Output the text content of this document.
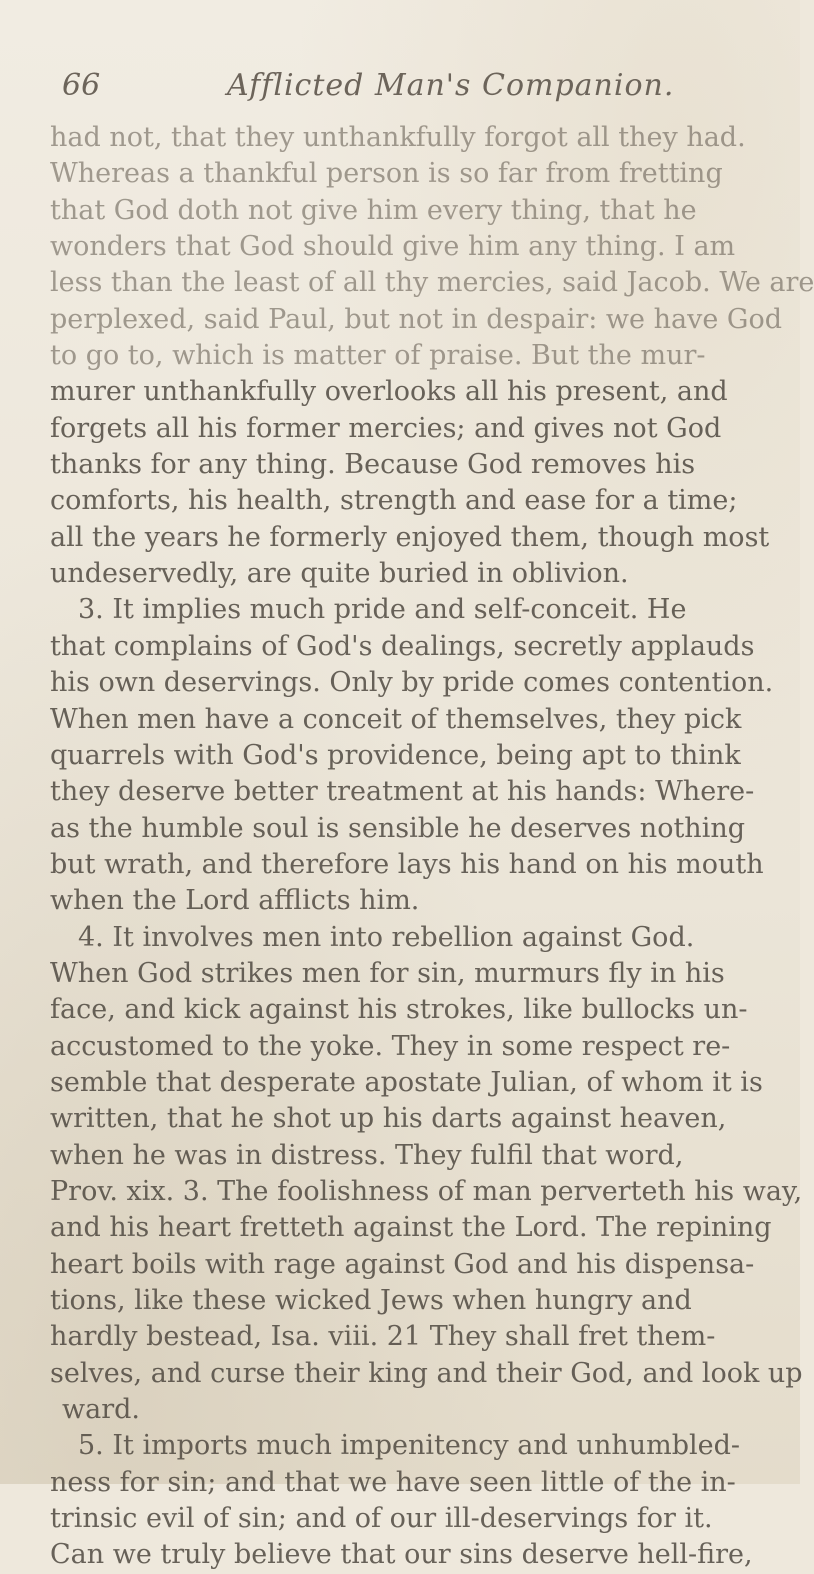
66	Afflicted Man's Companion.
had not, that they unthankfully forgot all they had.
Whereas a thankful person is so far from fretting
that God doth not give him every thing, that he
wonders that God should give him any thing. I am
less than the least of all thy mercies, said Jacob. We are
perplexed, said Paul, but not in despair: we have God
to go to, which is matter of praise. But the mur-
murer unthankfully overlooks all his present, and
forgets all his former mercies; and gives not God
thanks for any thing. Because God removes his
comforts, his health, strength and ease for a time;
all the years he formerly enjoyed them, though most
undeservedly, are quite buried in oblivion.
3. It implies much pride and self-conceit. He
that complains of God's dealings, secretly applauds
his own deservings. Only by pride comes contention.
When men have a conceit of themselves, they pick
quarrels with God's providence, being apt to think
they deserve better treatment at his hands: Where-
as the humble soul is sensible he deserves nothing
but wrath, and therefore lays his hand on his mouth
when the Lord afflicts him.
4. It involves men into rebellion against God.
When God strikes men for sin, murmurs fly in his
face, and kick against his strokes, like bullocks un-
accustomed to the yoke. They in some respect re-
semble that desperate apostate Julian, of whom it is
written, that he shot up his darts against heaven,
when he was in distress. They fulfil that word,
Prov. xix. 3. The foolishness of man perverteth his way,
and his heart fretteth against the Lord. The repining
heart boils with rage against God and his dispensa-
tions, like these wicked Jews when hungry and
hardly bestead, Isa. viii. 21 They shall fret them-
selves, and curse their king and their God, and look up
ward.
5. It imports much impenitency and unhumbled-
ness for sin; and that we have seen little of the in-
trinsic evil of sin; and of our ill-deservings for it.
Can we truly believe that our sins deserve hell-fire,
